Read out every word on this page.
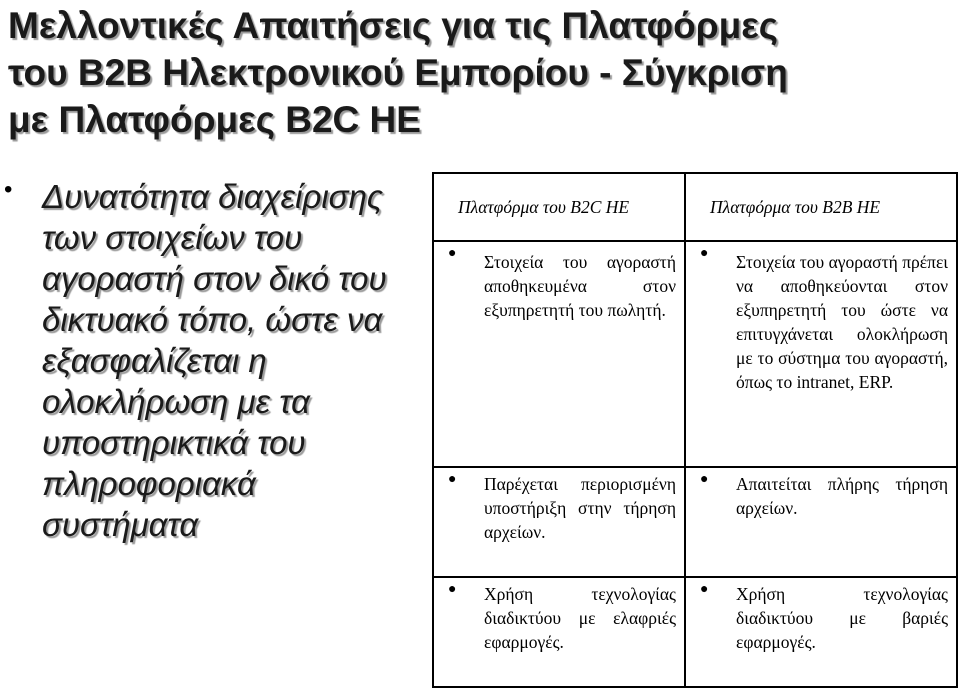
Μελλοντικές Απαιτήσεις για τις Πλατφόρμες
του B2B Ηλεκτρονικού Εμπορίου - Σύγκριση
με Πλατφόρμες B2C ΗΕ
• Δυνατότητα διαχείρισης
των στοιχείων του
αγοραστή στον δικό του
δικτυακό τόπο, ώστε να
εξασφαλίζεται η
ολοκλήρωση με τα
υποστηρικτικά του
πληροφοριακά
συστήματα
Πλατφόρμα του B2C ΗΕ	Πλατφόρμα του B2B ΗΕ

● Στοιχεία του αγοραστή αποθηκευμένα στον εξυπηρετητή του πωλητή.	● Στοιχεία του αγοραστή πρέπει να αποθηκεύονται στον εξυπηρετητή του ώστε να επιτυγχάνεται ολοκλήρωση με το σύστημα του αγοραστή, όπως το intranet, ERP.

● Παρέχεται περιορισμένη υποστήριξη στην τήρηση αρχείων.	● Απαιτείται πλήρης τήρηση αρχείων.

● Χρήση τεχνολογίας διαδικτύου με ελαφριές εφαρμογές.	● Χρήση τεχνολογίας διαδικτύου με βαριές εφαρμογές.
